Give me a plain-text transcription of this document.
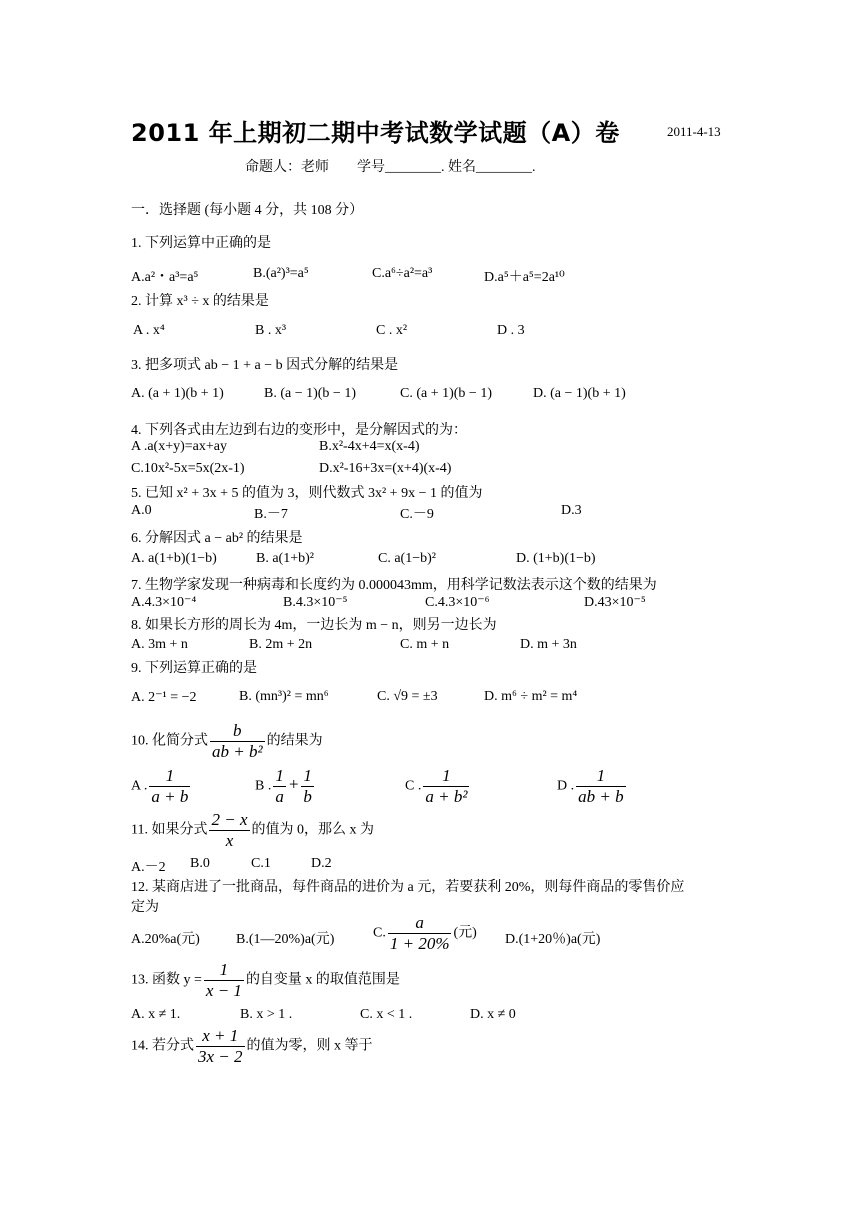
2011 年上期初二期中考试数学试题（A）卷	2011-4-13
命题人：老师　　学号________. 姓名________.
一．选择题 (每小题 4 分，共 108 分）
1. 下列运算中正确的是
A.a²・a³=a⁵	B.(a²)³=a⁵	C.a⁶÷a²=a³	D.a⁵＋a⁵=2a¹⁰
2. 计算 x³ ÷ x 的结果是
A . x⁴	B . x³	C . x²	D . 3
3. 把多项式 ab − 1 + a − b 因式分解的结果是
A. (a + 1)(b + 1)	B. (a − 1)(b − 1)	C. (a + 1)(b − 1)	D. (a − 1)(b + 1)
4. 下列各式由左边到右边的变形中，是分解因式的为：
A .a(x+y)=ax+ay	B.x²-4x+4=x(x-4)
C.10x²-5x=5x(2x-1)	D.x²-16+3x=(x+4)(x-4)
5. 已知 x² + 3x + 5 的值为 3，则代数式 3x² + 9x − 1 的值为
A.0	B.－7	C.－9	D.3
6. 分解因式 a − ab² 的结果是
A. a(1+b)(1−b)	B. a(1+b)²	C. a(1−b)²	D. (1+b)(1−b)
7. 生物学家发现一种病毒和长度约为 0.000043mm，用科学记数法表示这个数的结果为
A.4.3×10⁻⁴	B.4.3×10⁻⁵	C.4.3×10⁻⁶	D.43×10⁻⁵
8. 如果长方形的周长为 4m，一边长为 m − n，则另一边长为
A. 3m + n	B. 2m + 2n	C. m + n	D. m + 3n
9. 下列运算正确的是
A. 2⁻¹ = −2	B. (mn³)² = mn⁶	C. √9 = ±3	D. m⁶ ÷ m² = m⁴
10. 化简分式 $\frac{b}{\text{ab + b²}}$ 的结果为
A . $\frac{1}{a + b}$	B . $\frac{1}{a} + \frac{1}{b}$	C . $\frac{1}{\text{a + b²}}$	D . $\frac{1}{ab + b}$
11. 如果分式 $\frac{2 - x}{x}$ 的值为 0，那么 x 为
A.－2 B.0	C.1	D.2
12. 某商店进了一批商品，每件商品的进价为 a 元，若要获利 20%，则每件商品的零售价应
定为
A.20%a(元)	B.(1—20%)a(元)	C. $\frac{a}{1 + 20\%}$ (元) D.(1+20％)a(元)
13. 函数 $y = \frac{1}{x - 1}$ 的自变量 x 的取值范围是
A. x ≠ 1.	B. x > 1 .	C. x < 1 .	D. x ≠ 0
14. 若分式 $\frac{x + 1}{3x - 2}$ 的值为零，则 x 等于
